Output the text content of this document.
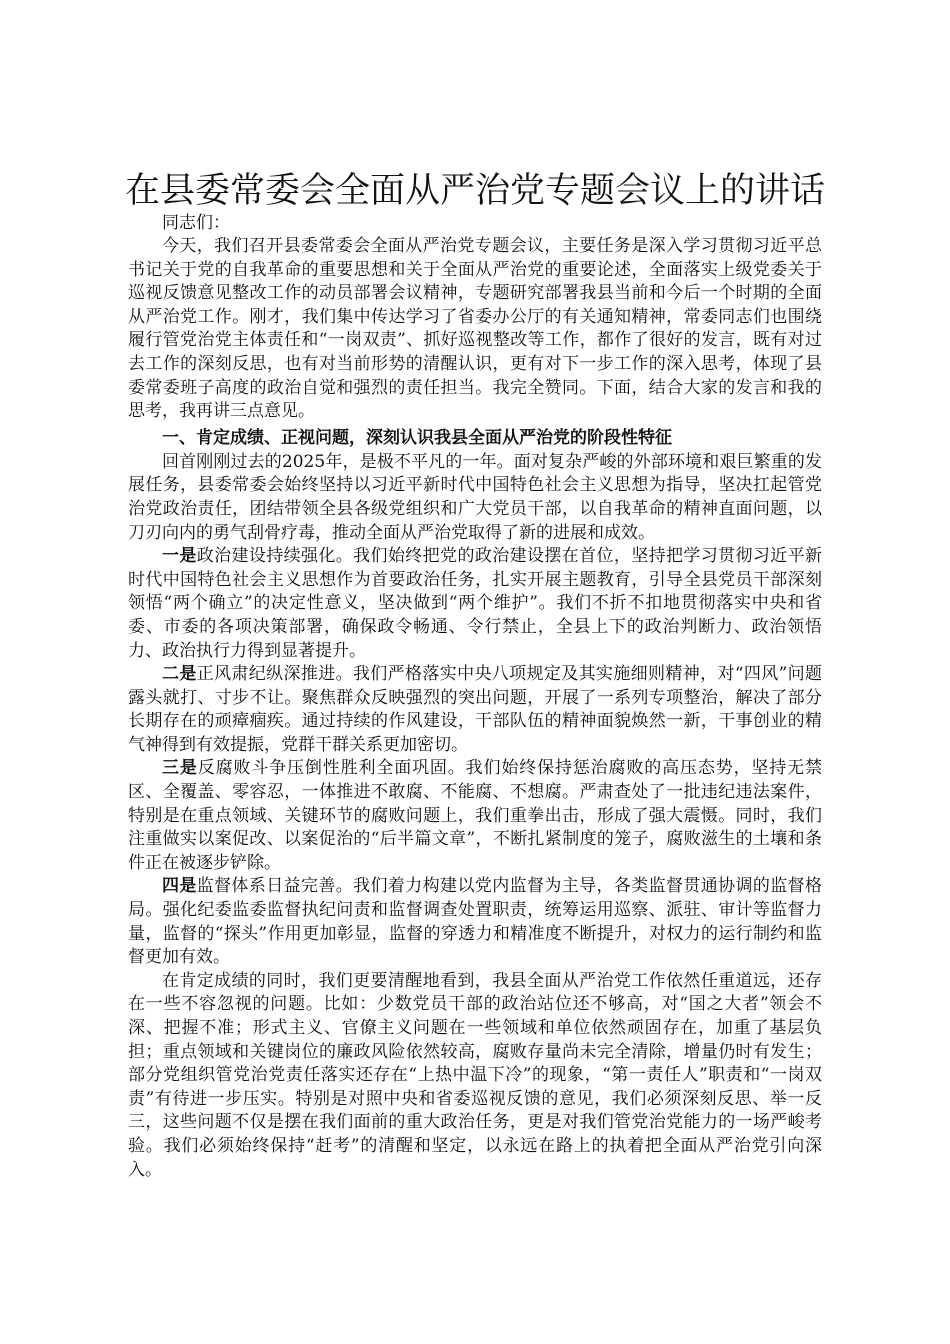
在县委常委会全面从严治党专题会议上的讲话

同志们：

今天，我们召开县委常委会全面从严治党专题会议，主要任务是深入学习贯彻习近平总书记关于党的自我革命的重要思想和关于全面从严治党的重要论述，全面落实上级党委关于巡视反馈意见整改工作的动员部署会议精神，专题研究部署我县当前和今后一个时期的全面从严治党工作。刚才，我们集中传达学习了省委办公厅的有关通知精神，常委同志们也围绕履行管党治党主体责任和“一岗双责”、抓好巡视整改等工作，都作了很好的发言，既有对过去工作的深刻反思，也有对当前形势的清醒认识，更有对下一步工作的深入思考，体现了县委常委班子高度的政治自觉和强烈的责任担当。我完全赞同。下面，结合大家的发言和我的思考，我再讲三点意见。

一、肯定成绩、正视问题，深刻认识我县全面从严治党的阶段性特征

回首刚刚过去的2025年，是极不平凡的一年。面对复杂严峻的外部环境和艰巨繁重的发展任务，县委常委会始终坚持以习近平新时代中国特色社会主义思想为指导，坚决扛起管党治党政治责任，团结带领全县各级党组织和广大党员干部，以自我革命的精神直面问题，以刀刃向内的勇气刮骨疗毒，推动全面从严治党取得了新的进展和成效。

一是政治建设持续强化。我们始终把党的政治建设摆在首位，坚持把学习贯彻习近平新时代中国特色社会主义思想作为首要政治任务，扎实开展主题教育，引导全县党员干部深刻领悟“两个确立”的决定性意义，坚决做到“两个维护”。我们不折不扣地贯彻落实中央和省委、市委的各项决策部署，确保政令畅通、令行禁止，全县上下的政治判断力、政治领悟力、政治执行力得到显著提升。

二是正风肃纪纵深推进。我们严格落实中央八项规定及其实施细则精神，对“四风”问题露头就打、寸步不让。聚焦群众反映强烈的突出问题，开展了一系列专项整治，解决了部分长期存在的顽瘴痼疾。通过持续的作风建设，干部队伍的精神面貌焕然一新，干事创业的精气神得到有效提振，党群干群关系更加密切。

三是反腐败斗争压倒性胜利全面巩固。我们始终保持惩治腐败的高压态势，坚持无禁区、全覆盖、零容忍，一体推进不敢腐、不能腐、不想腐。严肃查处了一批违纪违法案件，特别是在重点领域、关键环节的腐败问题上，我们重拳出击，形成了强大震慑。同时，我们注重做实以案促改、以案促治的“后半篇文章”，不断扎紧制度的笼子，腐败滋生的土壤和条件正在被逐步铲除。

四是监督体系日益完善。我们着力构建以党内监督为主导，各类监督贯通协调的监督格局。强化纪委监委监督执纪问责和监督调查处置职责，统筹运用巡察、派驻、审计等监督力量，监督的“探头”作用更加彰显，监督的穿透力和精准度不断提升，对权力的运行制约和监督更加有效。

在肯定成绩的同时，我们更要清醒地看到，我县全面从严治党工作依然任重道远，还存在一些不容忽视的问题。比如：少数党员干部的政治站位还不够高，对“国之大者”领会不深、把握不准；形式主义、官僚主义问题在一些领域和单位依然顽固存在，加重了基层负担；重点领域和关键岗位的廉政风险依然较高，腐败存量尚未完全清除，增量仍时有发生；部分党组织管党治党责任落实还存在“上热中温下冷”的现象，“第一责任人”职责和“一岗双责”有待进一步压实。特别是对照中央和省委巡视反馈的意见，我们必须深刻反思、举一反三，这些问题不仅是摆在我们面前的重大政治任务，更是对我们管党治党能力的一场严峻考验。我们必须始终保持“赶考”的清醒和坚定，以永远在路上的执着把全面从严治党引向深入。
